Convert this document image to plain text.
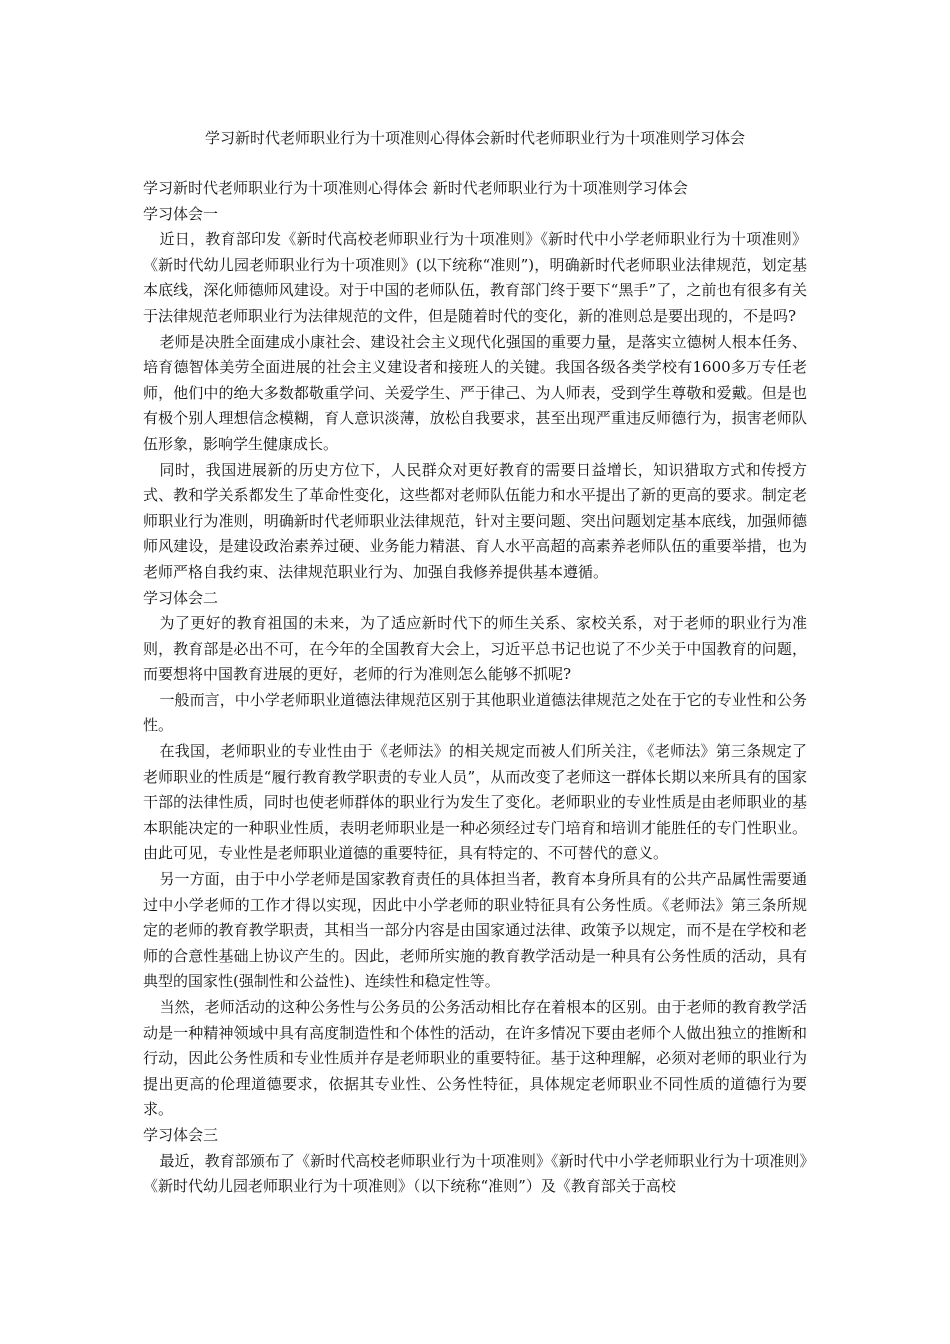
学习新时代老师职业行为十项准则心得体会新时代老师职业行为十项准则学习体会

学习新时代老师职业行为十项准则心得体会 新时代老师职业行为十项准则学习体会

学习体会一

近日，教育部印发《新时代高校老师职业行为十项准则》《新时代中小学老师职业行为十项准则》《新时代幼儿园老师职业行为十项准则》(以下统称“准则”)，明确新时代老师职业法律规范，划定基本底线，深化师德师风建设。对于中国的老师队伍，教育部门终于要下“黑手”了，之前也有很多有关于法律规范老师职业行为法律规范的文件，但是随着时代的变化，新的准则总是要出现的，不是吗?

老师是决胜全面建成小康社会、建设社会主义现代化强国的重要力量，是落实立德树人根本任务、培育德智体美劳全面进展的社会主义建设者和接班人的关键。我国各级各类学校有1600多万专任老师，他们中的绝大多数都敬重学问、关爱学生、严于律己、为人师表，受到学生尊敬和爱戴。但是也有极个别人理想信念模糊，育人意识淡薄，放松自我要求，甚至出现严重违反师德行为，损害老师队伍形象，影响学生健康成长。

同时，我国进展新的历史方位下，人民群众对更好教育的需要日益增长，知识猎取方式和传授方式、教和学关系都发生了革命性变化，这些都对老师队伍能力和水平提出了新的更高的要求。制定老师职业行为准则，明确新时代老师职业法律规范，针对主要问题、突出问题划定基本底线，加强师德师风建设，是建设政治素养过硬、业务能力精湛、育人水平高超的高素养老师队伍的重要举措，也为老师严格自我约束、法律规范职业行为、加强自我修养提供基本遵循。

学习体会二

为了更好的教育祖国的未来，为了适应新时代下的师生关系、家校关系，对于老师的职业行为准则，教育部是必出不可，在今年的全国教育大会上，习近平总书记也说了不少关于中国教育的问题，而要想将中国教育进展的更好，老师的行为准则怎么能够不抓呢?

一般而言，中小学老师职业道德法律规范区别于其他职业道德法律规范之处在于它的专业性和公务性。

在我国，老师职业的专业性由于《老师法》的相关规定而被人们所关注，《老师法》第三条规定了老师职业的性质是“履行教育教学职责的专业人员”，从而改变了老师这一群体长期以来所具有的国家干部的法律性质，同时也使老师群体的职业行为发生了变化。老师职业的专业性质是由老师职业的基本职能决定的一种职业性质，表明老师职业是一种必须经过专门培育和培训才能胜任的专门性职业。由此可见，专业性是老师职业道德的重要特征，具有特定的、不可替代的意义。

另一方面，由于中小学老师是国家教育责任的具体担当者，教育本身所具有的公共产品属性需要通过中小学老师的工作才得以实现，因此中小学老师的职业特征具有公务性质。《老师法》第三条所规定的老师的教育教学职责，其相当一部分内容是由国家通过法律、政策予以规定，而不是在学校和老师的合意性基础上协议产生的。因此，老师所实施的教育教学活动是一种具有公务性质的活动，具有典型的国家性(强制性和公益性)、连续性和稳定性等。

当然，老师活动的这种公务性与公务员的公务活动相比存在着根本的区别。由于老师的教育教学活动是一种精神领域中具有高度制造性和个体性的活动，在许多情况下要由老师个人做出独立的推断和行动，因此公务性质和专业性质并存是老师职业的重要特征。基于这种理解，必须对老师的职业行为提出更高的伦理道德要求，依据其专业性、公务性特征，具体规定老师职业不同性质的道德行为要求。

学习体会三

最近，教育部颁布了《新时代高校老师职业行为十项准则》《新时代中小学老师职业行为十项准则》《新时代幼儿园老师职业行为十项准则》（以下统称“准则”）及《教育部关于高校
